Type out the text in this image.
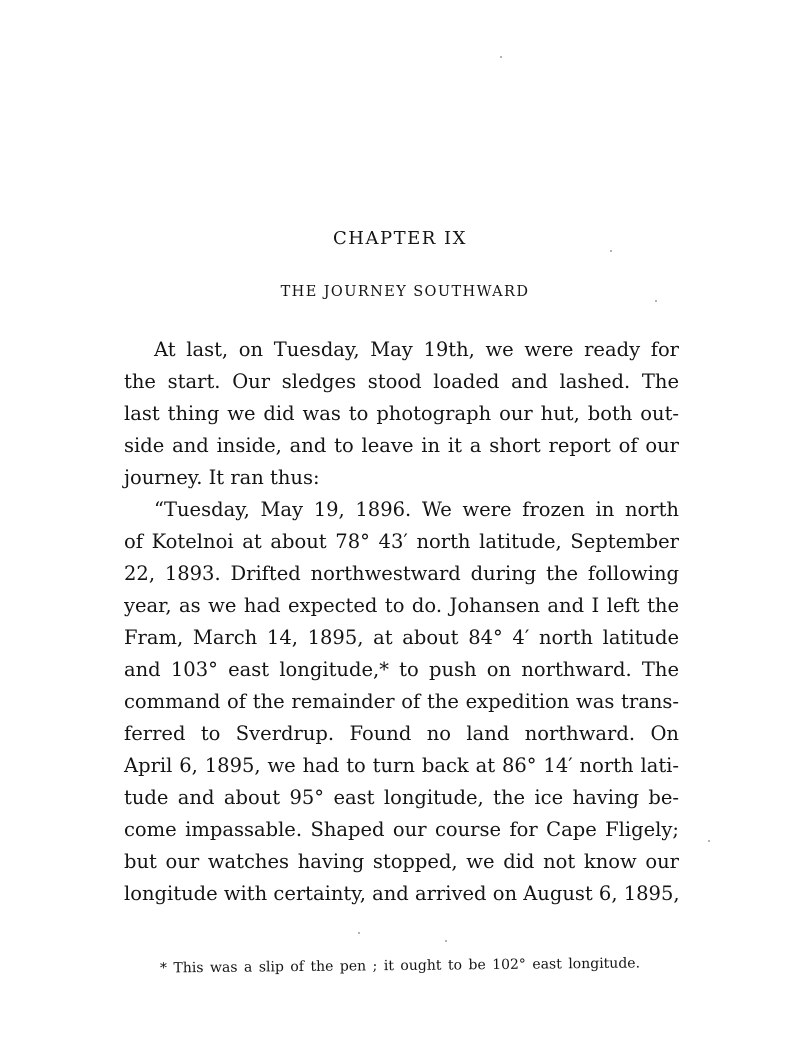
CHAPTER IX
THE JOURNEY SOUTHWARD
At last, on Tuesday, May 19th, we were ready for
the start. Our sledges stood loaded and lashed. The
last thing we did was to photograph our hut, both out-
side and inside, and to leave in it a short report of our
journey. It ran thus:
“Tuesday, May 19, 1896. We were frozen in north
of Kotelnoi at about 78° 43′ north latitude, September
22, 1893. Drifted northwestward during the following
year, as we had expected to do. Johansen and I left the
Fram, March 14, 1895, at about 84° 4′ north latitude
and 103° east longitude,* to push on northward. The
command of the remainder of the expedition was trans-
ferred to Sverdrup. Found no land northward. On
April 6, 1895, we had to turn back at 86° 14′ north lati-
tude and about 95° east longitude, the ice having be-
come impassable. Shaped our course for Cape Fligely;
but our watches having stopped, we did not know our
longitude with certainty, and arrived on August 6, 1895,
* This was a slip of the pen ; it ought to be 102° east longitude.
